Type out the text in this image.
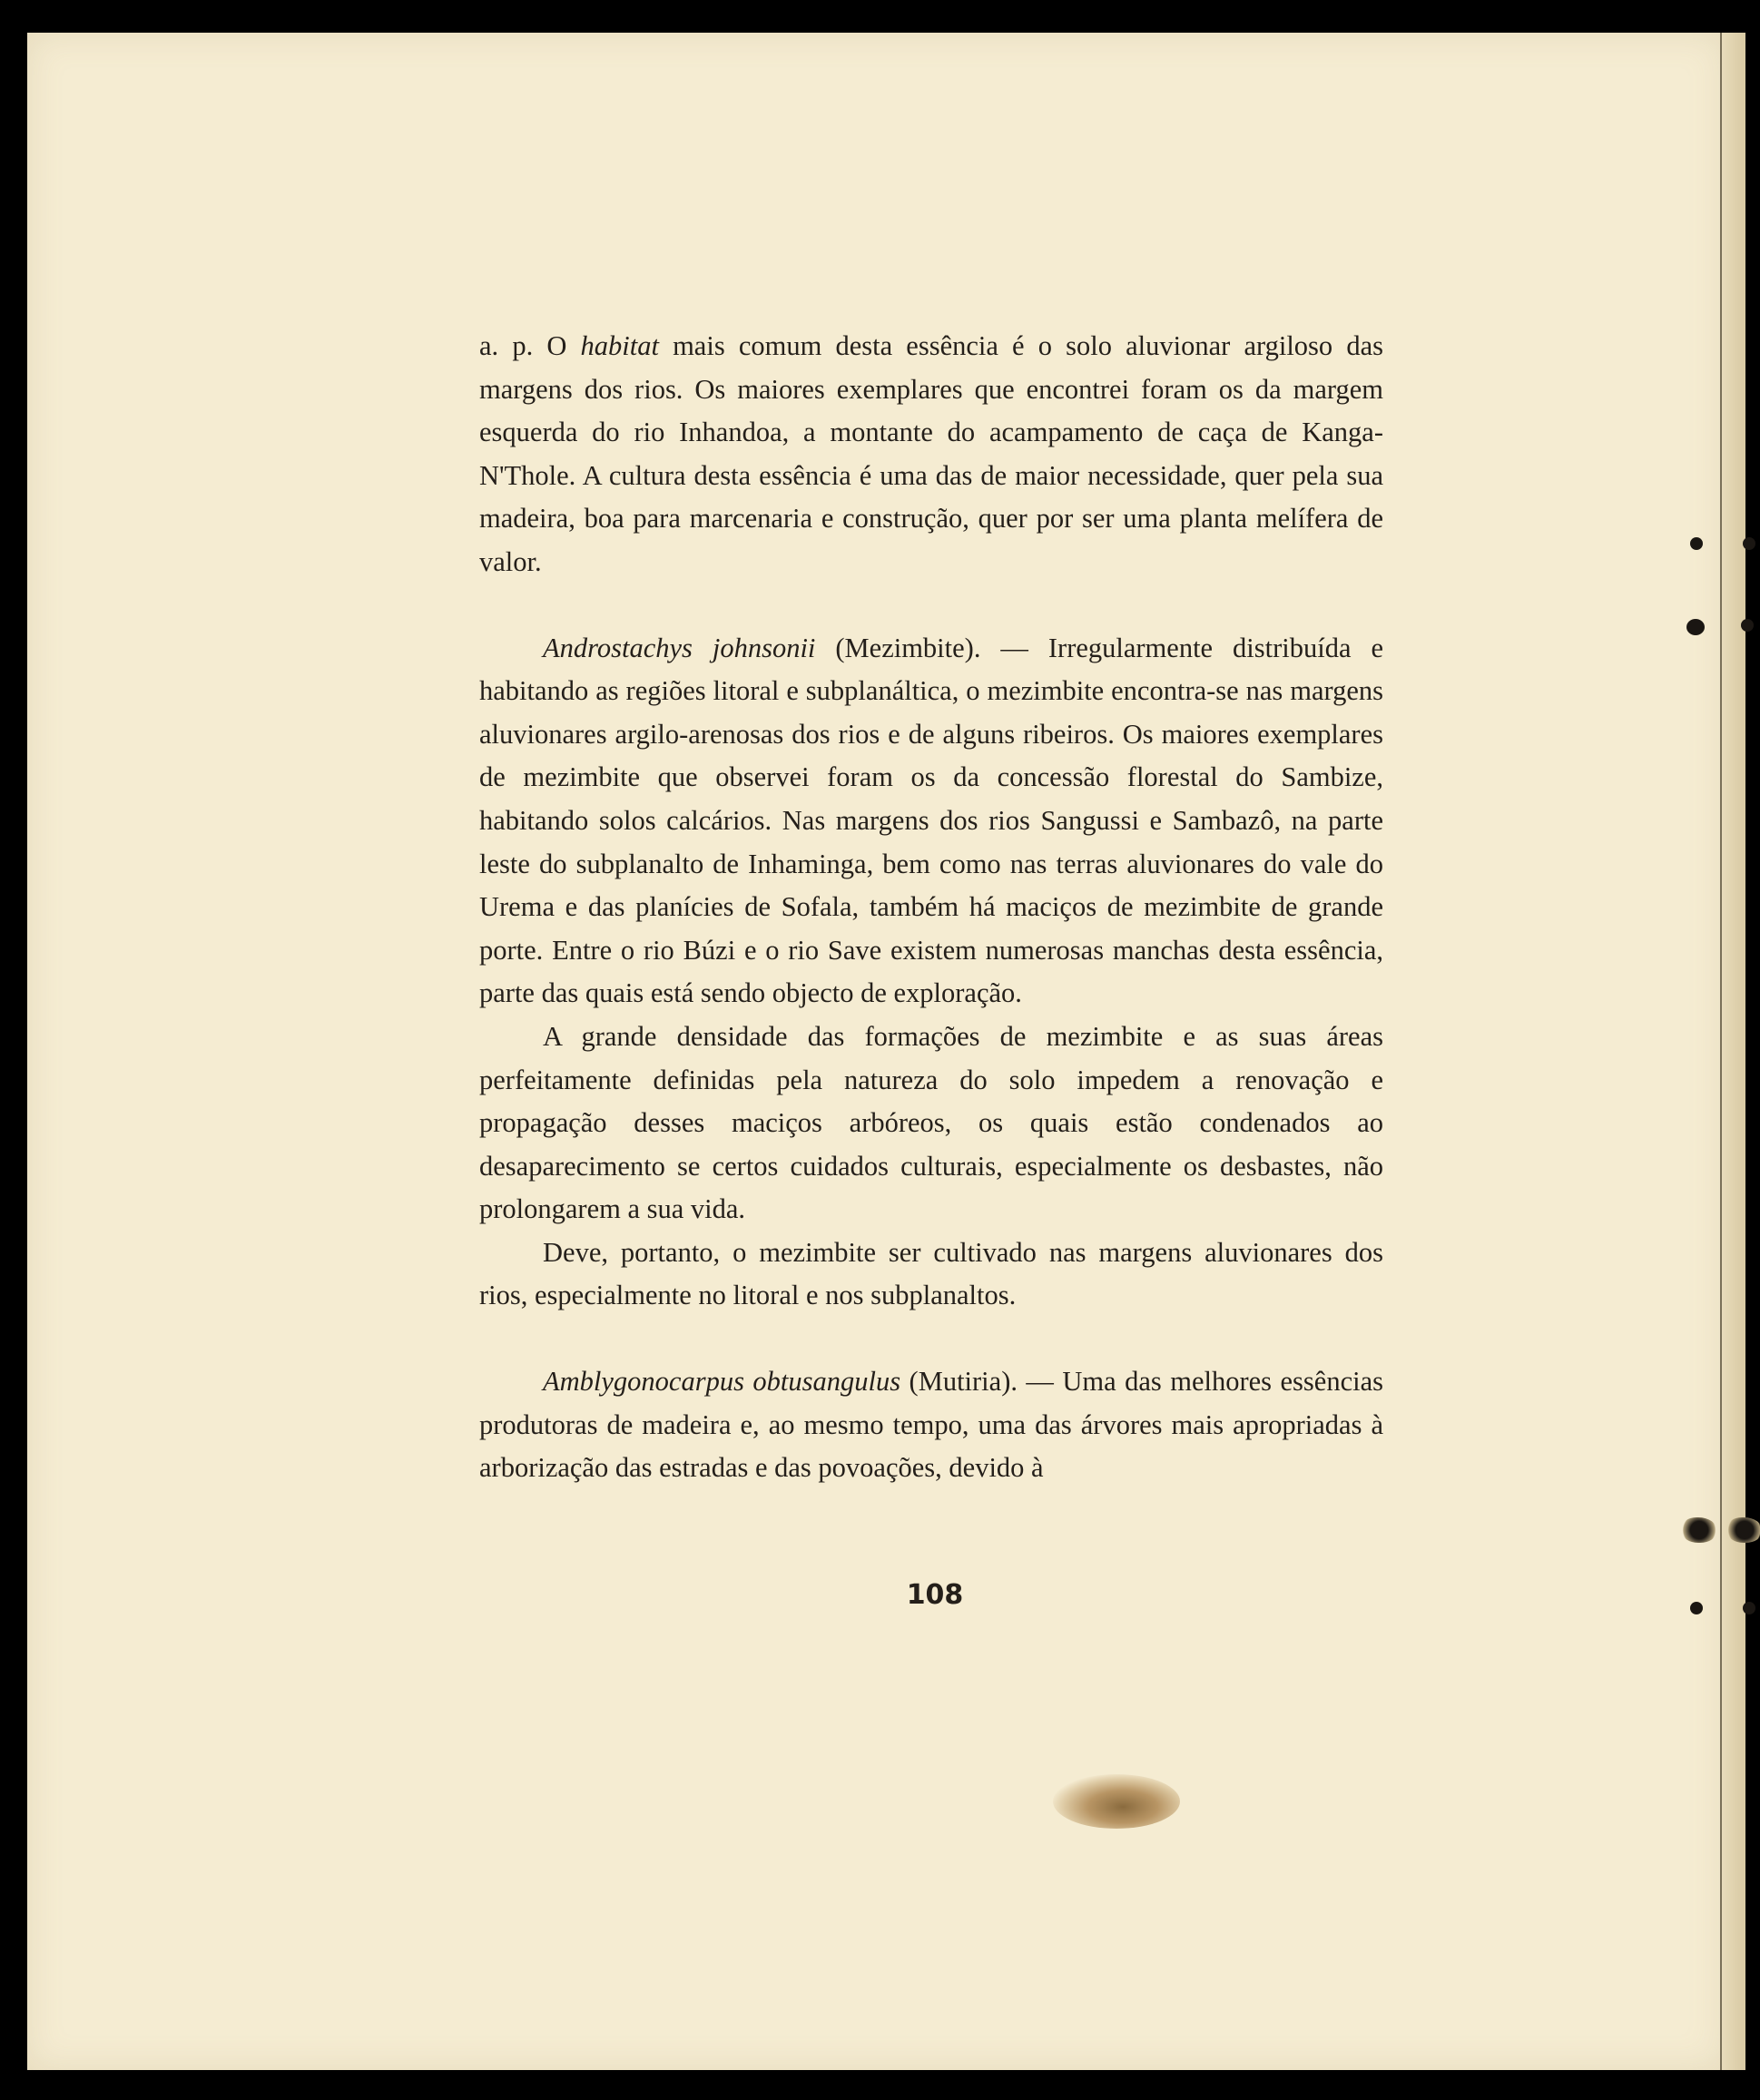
a. p. O habitat mais comum desta essência é o solo aluvionar argiloso das margens dos rios. Os maiores exemplares que encontrei foram os da margem esquerda do rio Inhandoa, a montante do acampamento de caça de Kanga-N'Thole. A cultura desta essência é uma das de maior necessidade, quer pela sua madeira, boa para marcenaria e construção, quer por ser uma planta melífera de valor.

Androstachys johnsonii (Mezimbite). — Irregularmente distribuída e habitando as regiões litoral e subplanáltica, o mezimbite encontra-se nas margens aluvionares argilo-arenosas dos rios e de alguns ribeiros. Os maiores exemplares de mezimbite que observei foram os da concessão florestal do Sambize, habitando solos calcários. Nas margens dos rios Sangussi e Sambazô, na parte leste do subplanalto de Inhaminga, bem como nas terras aluvionares do vale do Urema e das planícies de Sofala, também há maciços de mezimbite de grande porte. Entre o rio Búzi e o rio Save existem numerosas manchas desta essência, parte das quais está sendo objecto de exploração.

A grande densidade das formações de mezimbite e as suas áreas perfeitamente definidas pela natureza do solo impedem a renovação e propagação desses maciços arbóreos, os quais estão condenados ao desaparecimento se certos cuidados culturais, especialmente os desbastes, não prolongarem a sua vida.

Deve, portanto, o mezimbite ser cultivado nas margens aluvionares dos rios, especialmente no litoral e nos subplanaltos.

Amblygonocarpus obtusangulus (Mutiria). — Uma das melhores essências produtoras de madeira e, ao mesmo tempo, uma das árvores mais apropriadas à arborização das estradas e das povoações, devido à

108
